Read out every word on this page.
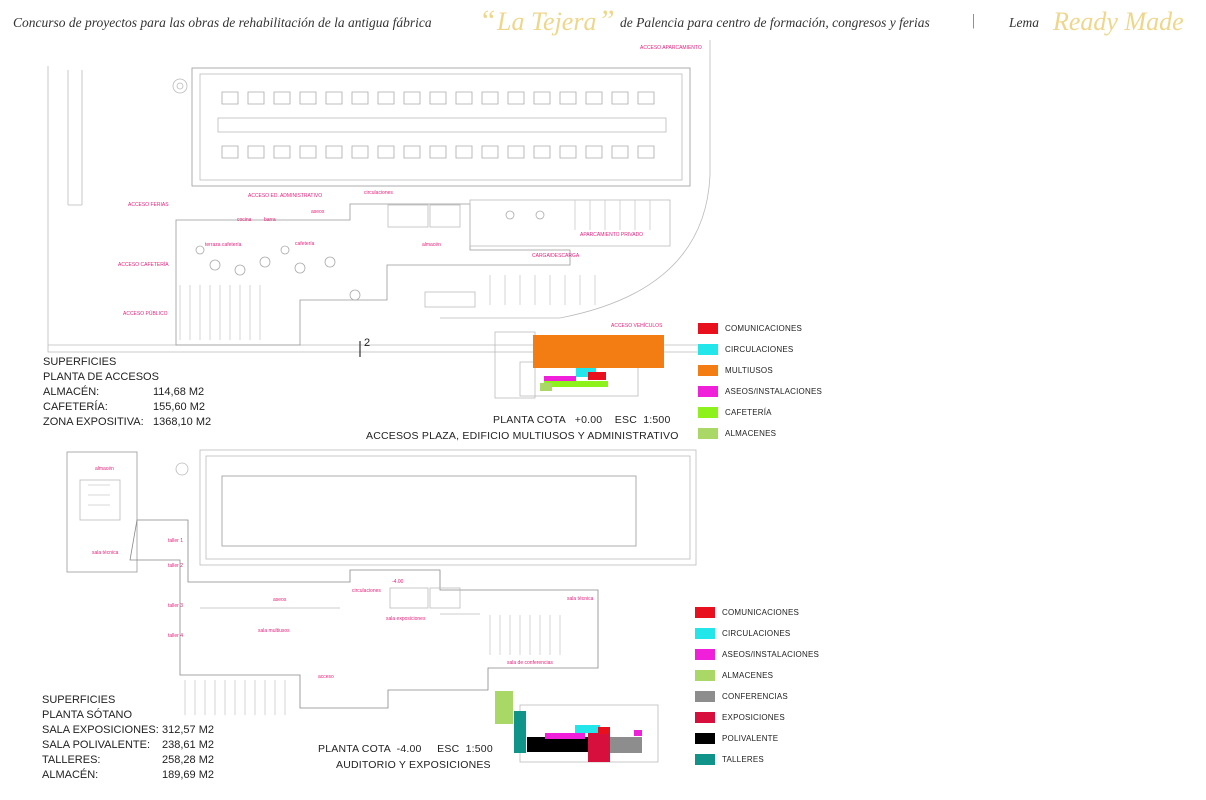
Concurso de proyectos para las obras de rehabilitación de la antigua fábrica “ La Tejera ” de Palencia para centro de formación, congresos y ferias	|	Lema Ready Made
ACCESO APARCAMIENTO
ACCESO FERIAS
ACCESO ED. ADMINISTRATIVO	circulaciones
cocina	barra
aseos
terraza cafetería	cafetería	almacén
APARCAMIENTO PRIVADO
CARGA/DESCARGA
ACCESO CAFETERÍA
ACCESO PÚBLICO
ACCESO VEHÍCULOS
2
SUPERFICIES
PLANTA DE ACCESOS
ALMACÉN:	114,68 M2
CAFETERÍA:	155,60 M2
ZONA EXPOSITIVA: 1368,10 M2	PLANTA COTA   +0.00    ESC  1:500
ACCESOS PLAZA, EDIFICIO MULTIUSOS Y ADMINISTRATIVO
COMUNICACIONES
CIRCULACIONES
MULTIUSOS
ASEOS/INSTALACIONES
CAFETERÍA
ALMACENES
almacén
sala técnica
taller 1
taller 2
taller 3
taller 4
sala multiusos
aseos
circulaciones
-4.00
sala exposiciones
sala técnica
sala de conferencias
acceso
SUPERFICIES
PLANTA SÓTANO
SALA EXPOSICIONES: 312,57 M2
SALA POLIVALENTE:	238,61 M2
TALLERES:	258,28 M2
ALMACÉN:	189,69 M2
PLANTA COTA  -4.00     ESC  1:500
AUDITORIO Y EXPOSICIONES
COMUNICACIONES
CIRCULACIONES
ASEOS/INSTALACIONES
ALMACENES
CONFERENCIAS
EXPOSICIONES
POLIVALENTE
TALLERES
